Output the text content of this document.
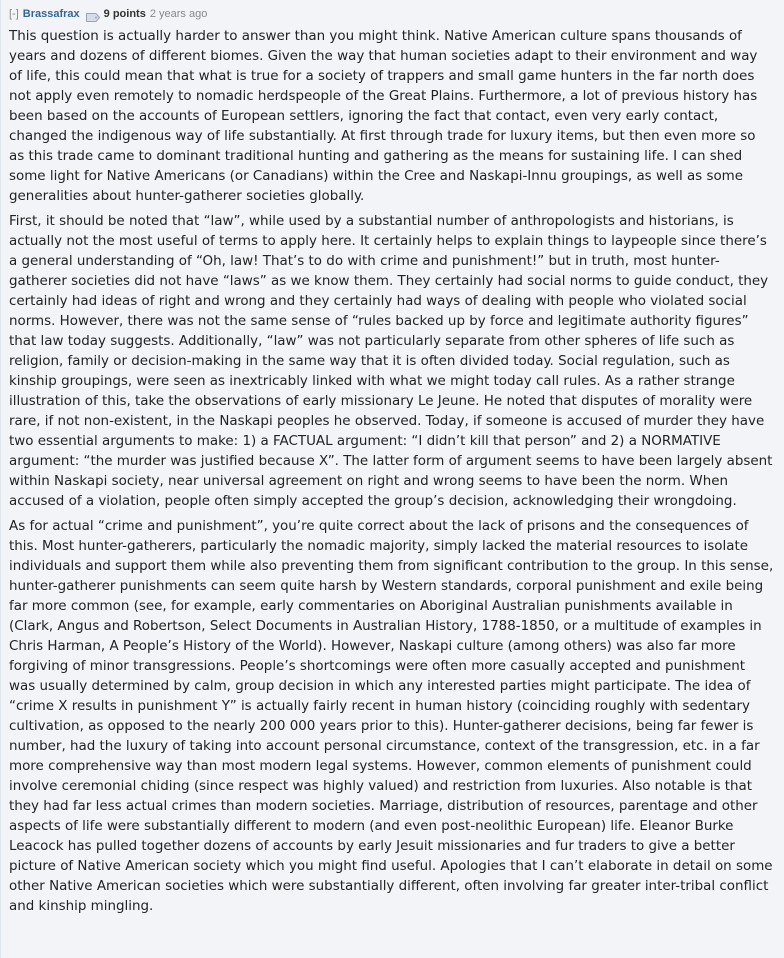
[-] Brassafrax 9 points 2 years ago

This question is actually harder to answer than you might think. Native American culture spans thousands of years and dozens of different biomes. Given the way that human societies adapt to their environment and way of life, this could mean that what is true for a society of trappers and small game hunters in the far north does not apply even remotely to nomadic herdspeople of the Great Plains. Furthermore, a lot of previous history has been based on the accounts of European settlers, ignoring the fact that contact, even very early contact, changed the indigenous way of life substantially. At first through trade for luxury items, but then even more so as this trade came to dominant traditional hunting and gathering as the means for sustaining life. I can shed some light for Native Americans (or Canadians) within the Cree and Naskapi-Innu groupings, as well as some generalities about hunter-gatherer societies globally.

First, it should be noted that “law”, while used by a substantial number of anthropologists and historians, is actually not the most useful of terms to apply here. It certainly helps to explain things to laypeople since there’s a general understanding of “Oh, law! That’s to do with crime and punishment!” but in truth, most hunter-gatherer societies did not have “laws” as we know them. They certainly had social norms to guide conduct, they certainly had ideas of right and wrong and they certainly had ways of dealing with people who violated social norms. However, there was not the same sense of “rules backed up by force and legitimate authority figures” that law today suggests. Additionally, “law” was not particularly separate from other spheres of life such as religion, family or decision-making in the same way that it is often divided today. Social regulation, such as kinship groupings, were seen as inextricably linked with what we might today call rules. As a rather strange illustration of this, take the observations of early missionary Le Jeune. He noted that disputes of morality were rare, if not non-existent, in the Naskapi peoples he observed. Today, if someone is accused of murder they have two essential arguments to make: 1) a FACTUAL argument: “I didn’t kill that person” and 2) a NORMATIVE argument: “the murder was justified because X”. The latter form of argument seems to have been largely absent within Naskapi society, near universal agreement on right and wrong seems to have been the norm. When accused of a violation, people often simply accepted the group’s decision, acknowledging their wrongdoing.

As for actual “crime and punishment”, you’re quite correct about the lack of prisons and the consequences of this. Most hunter-gatherers, particularly the nomadic majority, simply lacked the material resources to isolate individuals and support them while also preventing them from significant contribution to the group. In this sense, hunter-gatherer punishments can seem quite harsh by Western standards, corporal punishment and exile being far more common (see, for example, early commentaries on Aboriginal Australian punishments available in (Clark, Angus and Robertson, Select Documents in Australian History, 1788-1850, or a multitude of examples in Chris Harman, A People’s History of the World). However, Naskapi culture (among others) was also far more forgiving of minor transgressions. People’s shortcomings were often more casually accepted and punishment was usually determined by calm, group decision in which any interested parties might participate. The idea of “crime X results in punishment Y” is actually fairly recent in human history (coinciding roughly with sedentary cultivation, as opposed to the nearly 200 000 years prior to this). Hunter-gatherer decisions, being far fewer is number, had the luxury of taking into account personal circumstance, context of the transgression, etc. in a far more comprehensive way than most modern legal systems. However, common elements of punishment could involve ceremonial chiding (since respect was highly valued) and restriction from luxuries. Also notable is that they had far less actual crimes than modern societies. Marriage, distribution of resources, parentage and other aspects of life were substantially different to modern (and even post-neolithic European) life. Eleanor Burke Leacock has pulled together dozens of accounts by early Jesuit missionaries and fur traders to give a better picture of Native American society which you might find useful. Apologies that I can’t elaborate in detail on some other Native American societies which were substantially different, often involving far greater inter-tribal conflict and kinship mingling.
